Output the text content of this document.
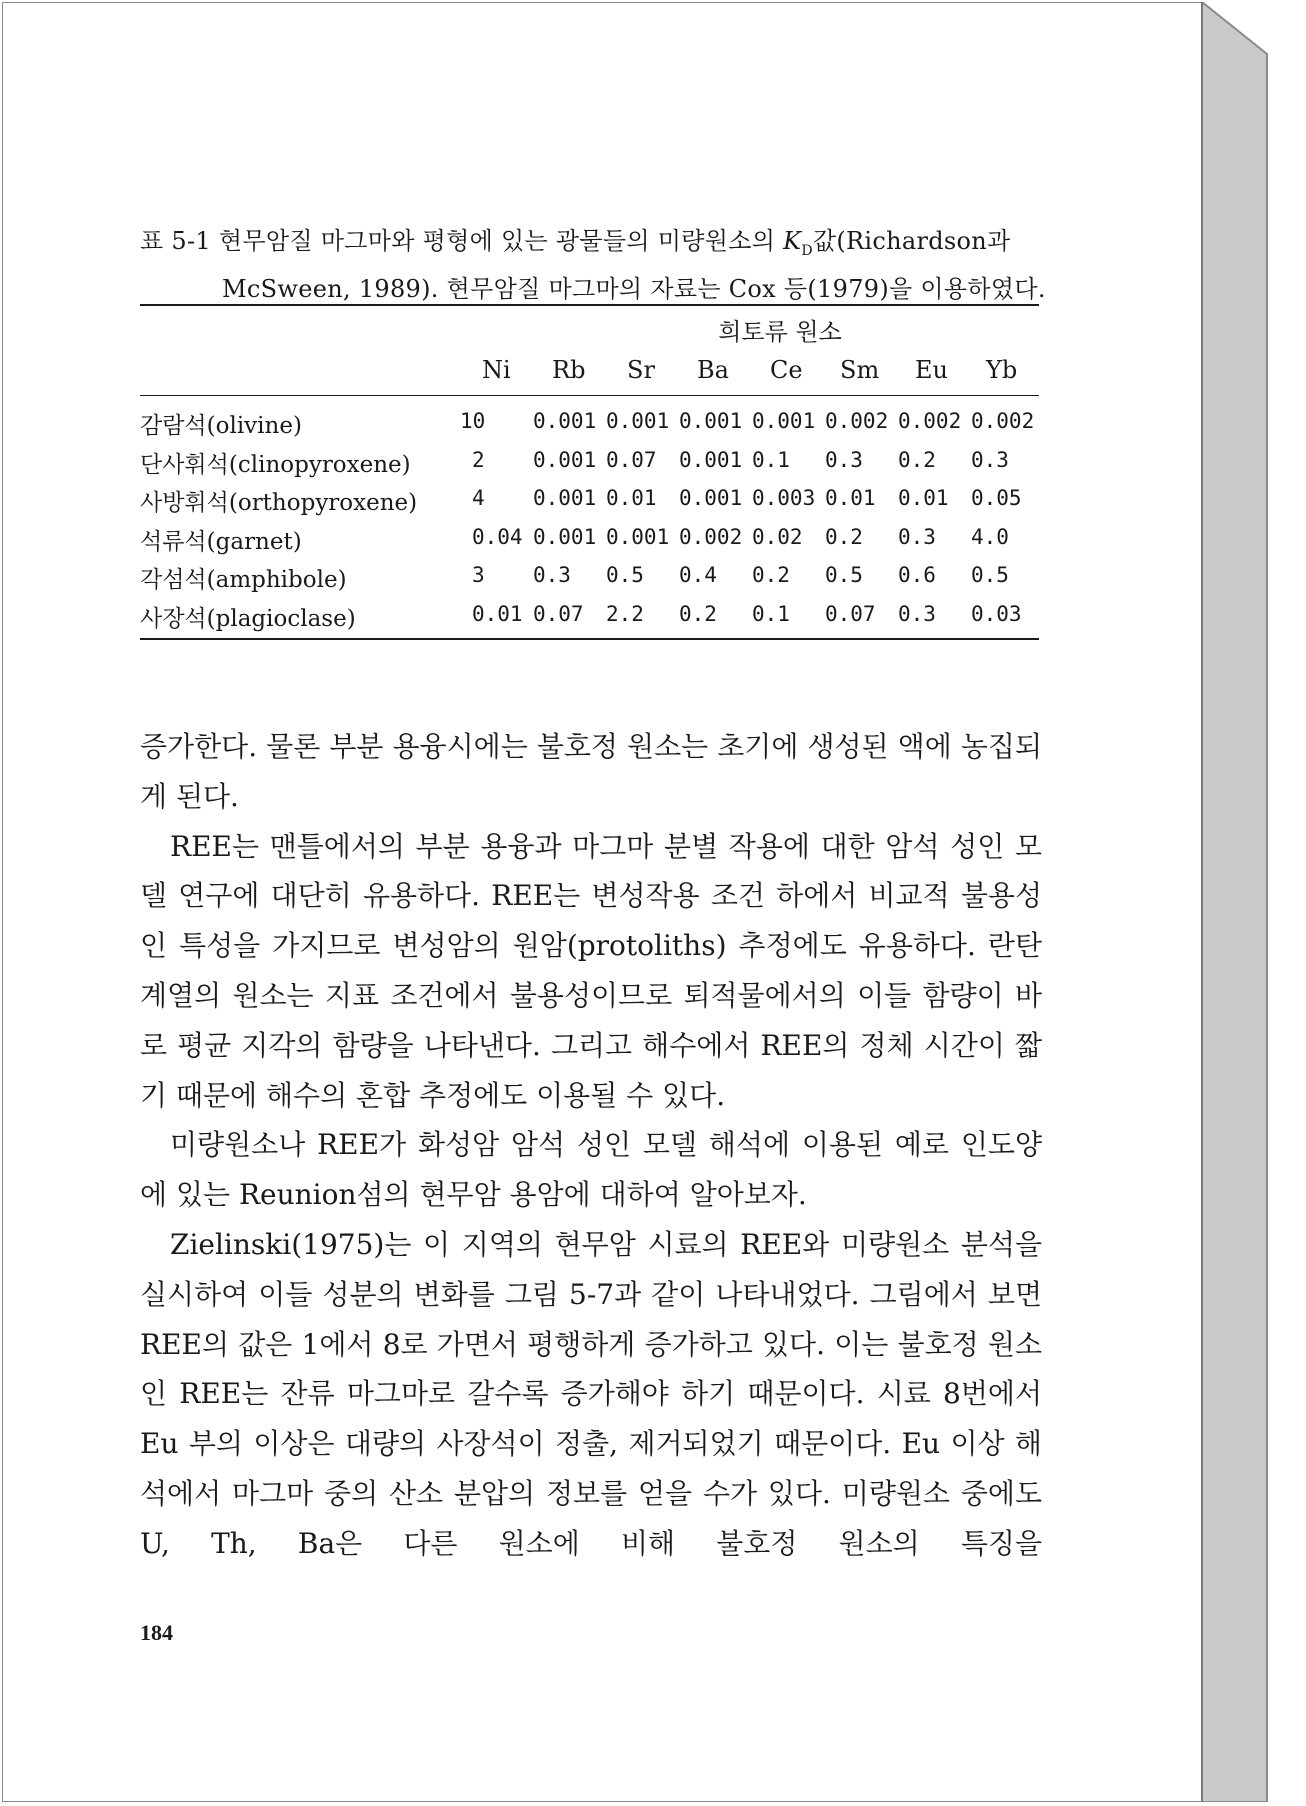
표 5-1 현무암질 마그마와 평형에 있는 광물들의 미량원소의 $K_D$값(Richardson과
McSween, 1989). 현무암질 마그마의 자료는 Cox 등(1979)을 이용하였다.
희토류 원소
Ni Rb Sr Ba Ce Sm Eu Yb
감람석(olivine)	10 0.001 0.001 0.001 0.001 0.002 0.002 0.002
단사휘석(clinopyroxene)	2 0.001 0.07 0.001 0.1 0.3 0.2 0.3
사방휘석(orthopyroxene)	4 0.001 0.01 0.001 0.003 0.01 0.01 0.05
석류석(garnet)	0.04 0.001 0.001 0.002 0.02 0.2 0.3 4.0
각섬석(amphibole)	3 0.3 0.5 0.4 0.2 0.5 0.6 0.5
사장석(plagioclase)	0.01 0.07 2.2 0.2 0.1 0.07 0.3 0.03

증가한다. 물론 부분 용융시에는 불호정 원소는 초기에 생성된 액에 농집되게 된다.

REE는 맨틀에서의 부분 용융과 마그마 분별 작용에 대한 암석 성인 모델 연구에 대단히 유용하다. REE는 변성작용 조건 하에서 비교적 불용성인 특성을 가지므로 변성암의 원암(protoliths) 추정에도 유용하다. 란탄 계열의 원소는 지표 조건에서 불용성이므로 퇴적물에서의 이들 함량이 바로 평균 지각의 함량을 나타낸다. 그리고 해수에서 REE의 정체 시간이 짧기 때문에 해수의 혼합 추정에도 이용될 수 있다.

미량원소나 REE가 화성암 암석 성인 모델 해석에 이용된 예로 인도양에 있는 Reunion섬의 현무암 용암에 대하여 알아보자.

Zielinski(1975)는 이 지역의 현무암 시료의 REE와 미량원소 분석을 실시하여 이들 성분의 변화를 그림 5-7과 같이 나타내었다. 그림에서 보면 REE의 값은 1에서 8로 가면서 평행하게 증가하고 있다. 이는 불호정 원소인 REE는 잔류 마그마로 갈수록 증가해야 하기 때문이다. 시료 8번에서 Eu 부의 이상은 대량의 사장석이 정출, 제거되었기 때문이다. Eu 이상 해석에서 마그마 중의 산소 분압의 정보를 얻을 수가 있다. 미량원소 중에도 U, Th, Ba은 다른 원소에 비해 불호정 원소의 특징을

184
